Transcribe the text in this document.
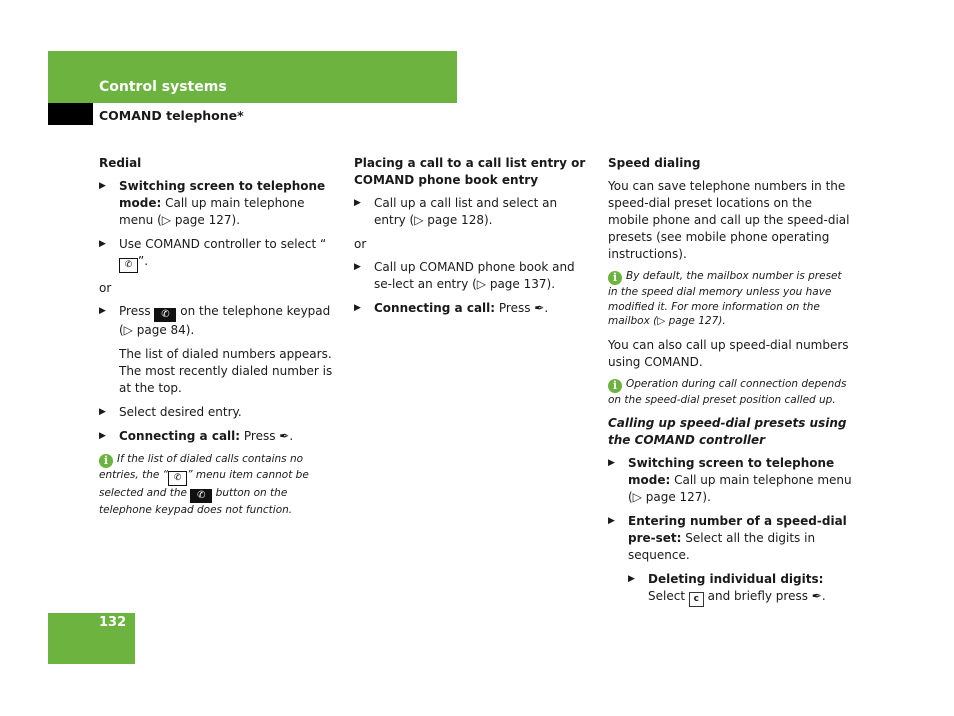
Control systems
COMAND telephone*
Redial
▶ Switching screen to telephone mode: Call up main telephone menu (▷ page 127).
▶ Use COMAND controller to select “✆ ”.
or
▶ Press ✆ on the telephone keypad (▷ page 84).
The list of dialed numbers appears. The most recently dialed number is at the top.
▶ Select desired entry.
▶ Connecting a call: Press ✒.
i If the list of dialed calls contains no entries, the “ ✆ ” menu item cannot be selected and the ✆ button on the telephone keypad does not function.
Placing a call to a call list entry or COMAND phone book entry
▶ Call up a call list and select an entry (▷ page 128).
or
▶ Call up COMAND phone book and se-lect an entry (▷ page 137).
▶ Connecting a call: Press ✒.
Speed dialing
You can save telephone numbers in the speed-dial preset locations on the mobile phone and call up the speed-dial presets (see mobile phone operating instructions).
i By default, the mailbox number is preset in the speed dial memory unless you have modified it. For more information on the mailbox (▷ page 127).
You can also call up speed-dial numbers using COMAND.
i Operation during call connection depends on the speed-dial preset position called up.
Calling up speed-dial presets using the COMAND controller
▶ Switching screen to telephone mode: Call up main telephone menu (▷ page 127).
▶ Entering number of a speed-dial pre-set: Select all the digits in sequence.
▶ Deleting individual digits:
Select c and briefly press ✒.
132
